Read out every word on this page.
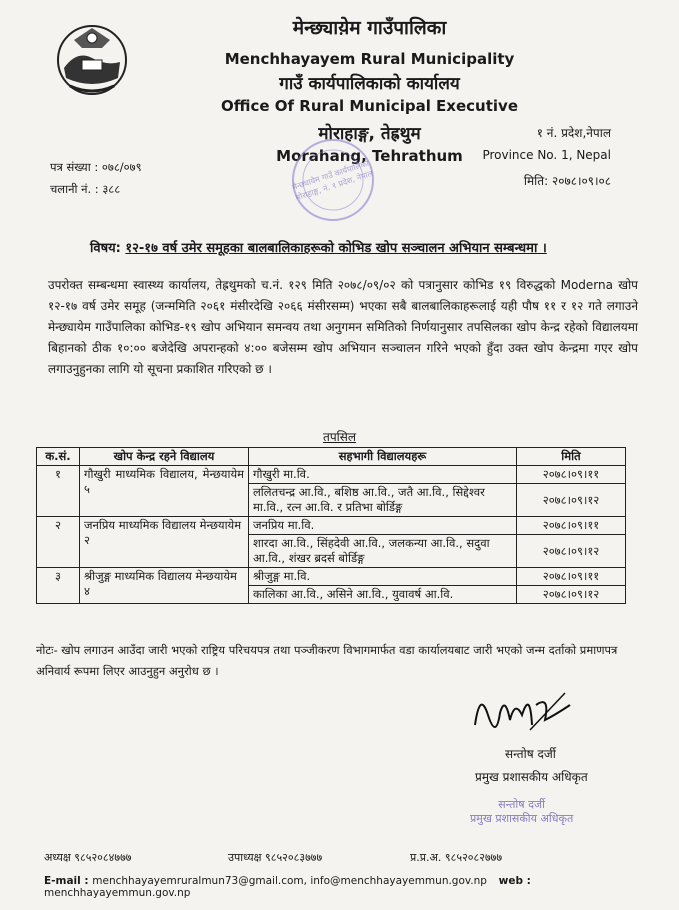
मेन्छ्याय़ेम गाउँपालिका
Menchhayayem Rural Municipality
गाउँ कार्यपालिकाको कार्यालय
Office Of Rural Municipal Executive
मोराहाङ्ग, तेह्रथुम
Morahang, Tehrathum
१ नं. प्रदेश,नेपाल
Province No. 1, Nepal
मिति: २०७८।०९।०८
पत्र संख्या : ०७८/०७९
चलानी नं. : ३८८	मेन्छ्यायेम गाउँ कार्यपालिका मोराहाङ्ग, नं. १ प्रदेश, नेपाल
विषय: १२-१७ वर्ष उमेर समूहका बालबालिकाहरूको कोभिड खोप सञ्चालन अभियान सम्बन्धमा ।
उपरोक्त सम्बन्धमा स्वास्थ्य कार्यालय, तेह्रथुमको च.नं. १२९ मिति २०७८/०९/०२ को पत्रानुसार कोभिड १९ विरुद्धको Moderna खोप १२-१७ वर्ष उमेर समूह (जन्ममिति २०६१ मंसीरदेखि २०६६ मंसीरसम्म) भएका सबै बालबालिकाहरूलाई यही पौष ११ र १२ गते लगाउने मेन्छ्यायेम गाउँपालिका कोभिड-१९ खोप अभियान समन्वय तथा अनुगमन समितिको निर्णयानुसार तपसिलका खोप केन्द्र रहेको विद्यालयमा बिहानको ठीक १०:०० बजेदेखि अपरान्हको ४:०० बजेसम्म खोप अभियान सञ्चालन गरिने भएको हुँदा उक्त खोप केन्द्रमा गएर खोप लगाउनुहुनका लागि यो सूचना प्रकाशित गरिएको छ ।
तपसिल
क.सं.	खोप केन्द्र रहने विद्यालय	सहभागी विद्यालयहरू	मिति
१	गौखुरी माध्यमिक विद्यालय, मेन्छयायेम ५	गौखुरी मा.वि.	२०७८।०९।११
		ललितचन्द्र आ.वि., बशिष्ठ आ.वि., जतै आ.वि., सिद्देश्वर मा.वि., रत्न आ.वि. र प्रतिभा बोर्डिङ्ग	२०७८।०९।१२
२	जनप्रिय माध्यमिक विद्यालय मेन्छयायेम २	जनप्रिय मा.वि.	२०७८।०९।११
		शारदा आ.वि., सिंहदेवी आ.वि., जलकन्या आ.वि., सदुवा आ.वि., शंखर ब्रदर्स बोर्डिङ्ग	२०७८।०९।१२
३	श्रीजुङ्ग माध्यमिक विद्यालय मेन्छयायेम ४	श्रीजुङ्ग मा.वि.	२०७८।०९।११
		कालिका आ.वि., असिने आ.वि., युवावर्ष आ.वि.	२०७८।०९।१२
नोटः- खोप लगाउन आउँदा जारी भएको राष्ट्रिय परिचयपत्र तथा पञ्जीकरण विभागमार्फत वडा कार्यालयबाट जारी भएको जन्म दर्ताको प्रमाणपत्र अनिवार्य रूपमा लिएर आउनुहुन अनुरोध छ ।
सन्तोष दर्जी
प्रमुख प्रशासकीय अधिकृत
सन्तोष दर्जी
प्रमुख प्रशासकीय अधिकृत
अध्यक्ष ९८५२०८४७७७	उपाध्यक्ष ९८५२०८३७७७	प्र.प्र.अ. ९८५२०८२७७७
E-mail : menchhayayemruralmun73@gmail.com, info@menchhayayemmun.gov.np web : menchhayayemmun.gov.np
